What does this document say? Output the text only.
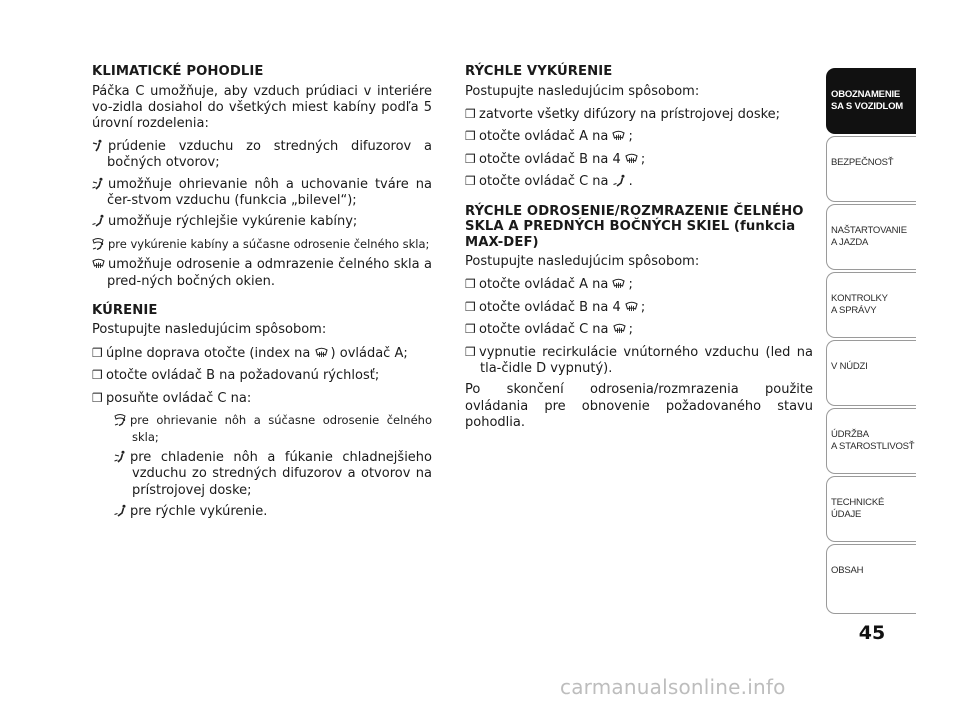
KLIMATICKÉ POHODLIE

Páčka C umožňuje, aby vzduch prúdiaci v interiére vo-zidla dosiahol do všetkých miest kabíny podľa 5 úrovní rozdelenia:

prúdenie vzduchu zo stredných difuzorov a bočných otvorov;
umožňuje ohrievanie nôh a uchovanie tváre na čer-stvom vzduchu (funkcia „bilevel“);
umožňuje rýchlejšie vykúrenie kabíny;
pre vykúrenie kabíny a súčasne odrosenie čelného skla;
umožňuje odrosenie a odmrazenie čelného skla a pred-ných bočných okien.
KÚRENIE

Postupujte nasledujúcim spôsobom:

❒ úplne doprava otočte (index na ) ovládač A;
❒ otočte ovládač B na požadovanú rýchlosť;
❒ posuňte ovládač C na:
pre ohrievanie nôh a súčasne odrosenie čelného skla;
pre chladenie nôh a fúkanie chladnejšieho vzduchu zo stredných difuzorov a otvorov na prístrojovej doske;
pre rýchle vykúrenie.
RÝCHLE VYKÚRENIE

Postupujte nasledujúcim spôsobom:

❒ zatvorte všetky difúzory na prístrojovej doske;
❒ otočte ovládač A na ;
❒ otočte ovládač B na 4 ;
❒ otočte ovládač C na .
RÝCHLE ODROSENIE/ROZMRAZENIE ČELNÉHO SKLA A PREDNÝCH BOČNÝCH SKIEL (funkcia MAX-DEF)

Postupujte nasledujúcim spôsobom:

❒ otočte ovládač A na ;
❒ otočte ovládač B na 4 ;
❒ otočte ovládač C na ;
❒ vypnutie recirkulácie vnútorného vzduchu (led na tla-čidle D vypnutý).

Po skončení odrosenia/rozmrazenia použite ovládania pre obnovenie požadovaného stavu pohodlia.

OBOZNAMENIE
SA S VOZIDLOM
BEZPEČNOSŤ
NAŠTARTOVANIE
A JAZDA
KONTROLKY
A SPRÁVY
V NÚDZI
ÚDRŽBA
A STAROSTLIVOSŤ
TECHNICKÉ
ÚDAJE
OBSAH
45
carmanualsonline.info
